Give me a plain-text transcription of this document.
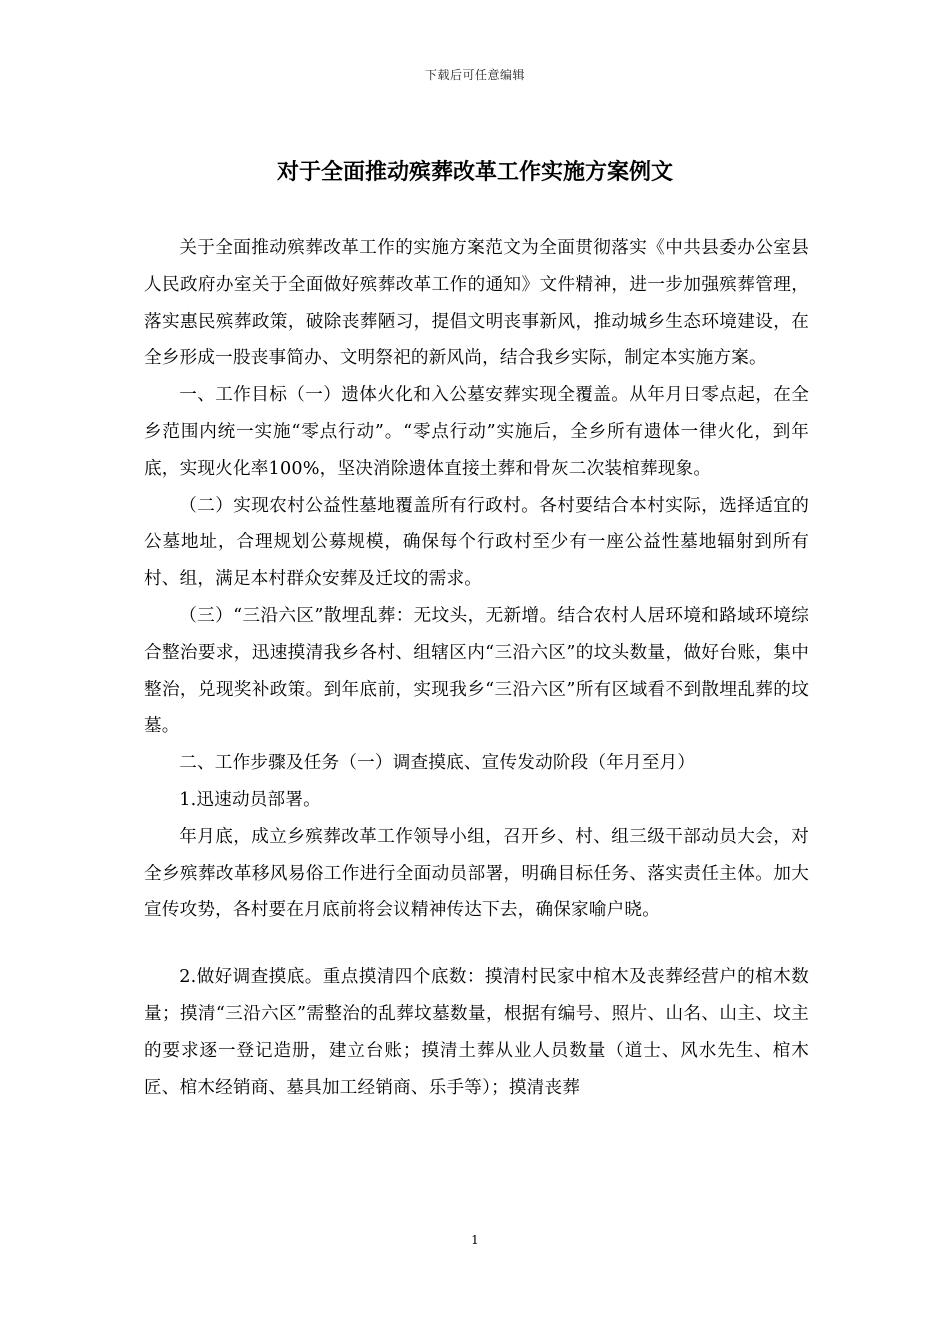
下载后可任意编辑
对于全面推动殡葬改革工作实施方案例文

关于全面推动殡葬改革工作的实施方案范文为全面贯彻落实《中共县委办公室县人民政府办室关于全面做好殡葬改革工作的通知》文件精神，进一步加强殡葬管理，落实惠民殡葬政策，破除丧葬陋习，提倡文明丧事新风，推动城乡生态环境建设，在全乡形成一股丧事简办、文明祭祀的新风尚，结合我乡实际，制定本实施方案。

一、工作目标（一）遗体火化和入公墓安葬实现全覆盖。从年月日零点起，在全乡范围内统一实施“零点行动”。“零点行动”实施后，全乡所有遗体一律火化，到年底，实现火化率100%，坚决消除遗体直接土葬和骨灰二次装棺葬现象。

（二）实现农村公益性墓地覆盖所有行政村。各村要结合本村实际，选择适宜的公墓地址，合理规划公募规模，确保每个行政村至少有一座公益性墓地辐射到所有村、组，满足本村群众安葬及迁坟的需求。

（三）“三沿六区”散埋乱葬：无坟头，无新增。结合农村人居环境和路域环境综合整治要求，迅速摸清我乡各村、组辖区内“三沿六区”的坟头数量，做好台账，集中整治，兑现奖补政策。到年底前，实现我乡“三沿六区”所有区域看不到散埋乱葬的坟墓。

二、工作步骤及任务（一）调查摸底、宣传发动阶段（年月至月）

1.迅速动员部署。

年月底，成立乡殡葬改革工作领导小组，召开乡、村、组三级干部动员大会，对全乡殡葬改革移风易俗工作进行全面动员部署，明确目标任务、落实责任主体。加大宣传攻势，各村要在月底前将会议精神传达下去，确保家喻户晓。

2.做好调查摸底。重点摸清四个底数：摸清村民家中棺木及丧葬经营户的棺木数量；摸清“三沿六区”需整治的乱葬坟墓数量，根据有编号、照片、山名、山主、坟主的要求逐一登记造册，建立台账；摸清土葬从业人员数量（道士、风水先生、棺木匠、棺木经销商、墓具加工经销商、乐手等）；摸清丧葬

1
